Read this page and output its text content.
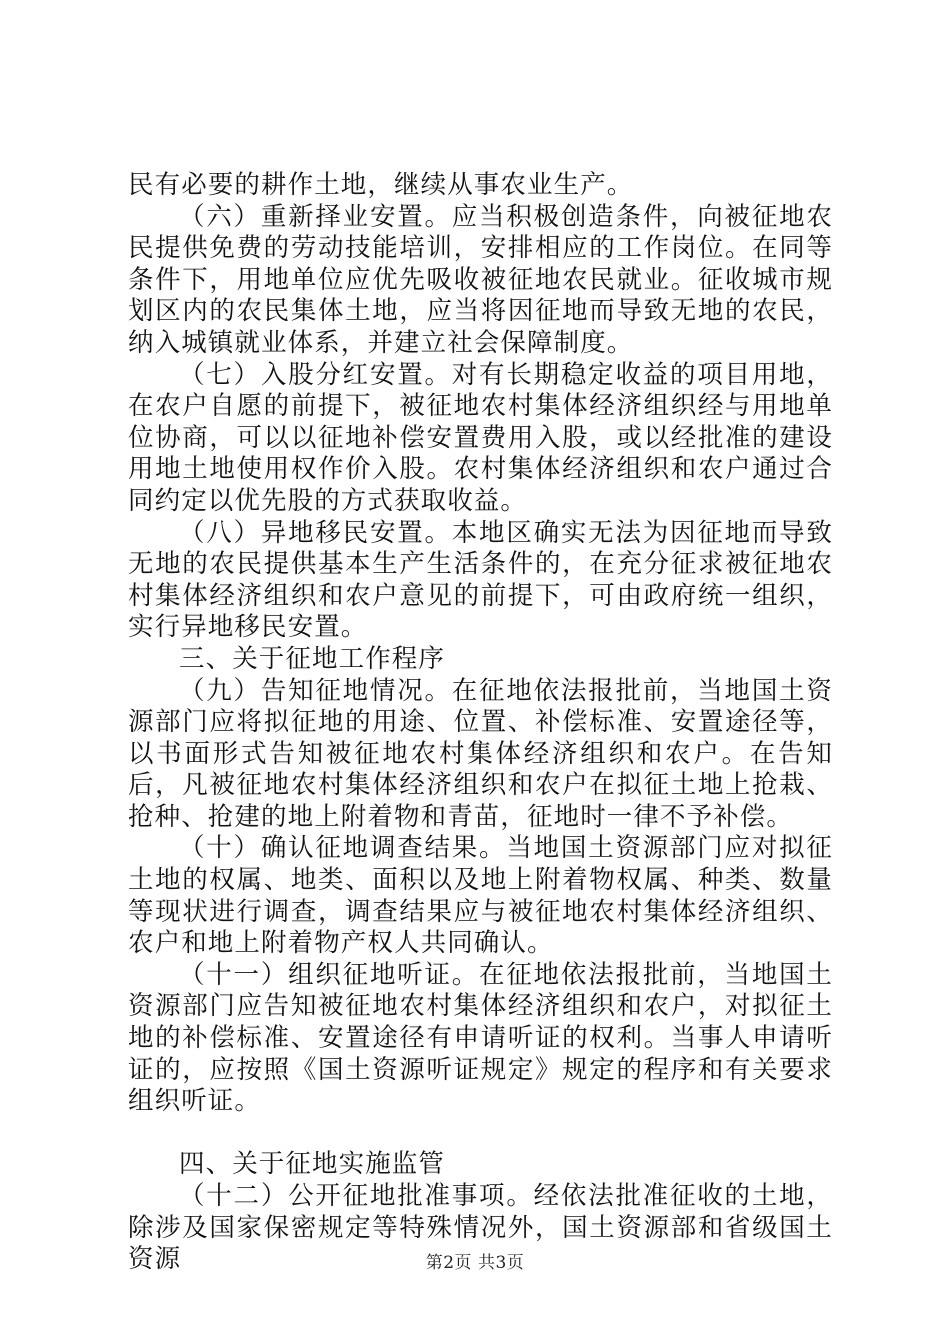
民有必要的耕作土地，继续从事农业生产。

（六）重新择业安置。应当积极创造条件，向被征地农民提供免费的劳动技能培训，安排相应的工作岗位。在同等条件下，用地单位应优先吸收被征地农民就业。征收城市规划区内的农民集体土地，应当将因征地而导致无地的农民，纳入城镇就业体系，并建立社会保障制度。

（七）入股分红安置。对有长期稳定收益的项目用地，在农户自愿的前提下，被征地农村集体经济组织经与用地单位协商，可以以征地补偿安置费用入股，或以经批准的建设用地土地使用权作价入股。农村集体经济组织和农户通过合同约定以优先股的方式获取收益。

（八）异地移民安置。本地区确实无法为因征地而导致无地的农民提供基本生产生活条件的，在充分征求被征地农村集体经济组织和农户意见的前提下，可由政府统一组织，实行异地移民安置。

三、关于征地工作程序

（九）告知征地情况。在征地依法报批前，当地国土资源部门应将拟征地的用途、位置、补偿标准、安置途径等，以书面形式告知被征地农村集体经济组织和农户。在告知后，凡被征地农村集体经济组织和农户在拟征土地上抢栽、抢种、抢建的地上附着物和青苗，征地时一律不予补偿。

（十）确认征地调查结果。当地国土资源部门应对拟征土地的权属、地类、面积以及地上附着物权属、种类、数量等现状进行调查，调查结果应与被征地农村集体经济组织、农户和地上附着物产权人共同确认。

（十一）组织征地听证。在征地依法报批前，当地国土资源部门应告知被征地农村集体经济组织和农户，对拟征土地的补偿标准、安置途径有申请听证的权利。当事人申请听证的，应按照《国土资源听证规定》规定的程序和有关要求组织听证。

四、关于征地实施监管

（十二）公开征地批准事项。经依法批准征收的土地，除涉及国家保密规定等特殊情况外，国土资源部和省级国土资源	第2页 共3页
